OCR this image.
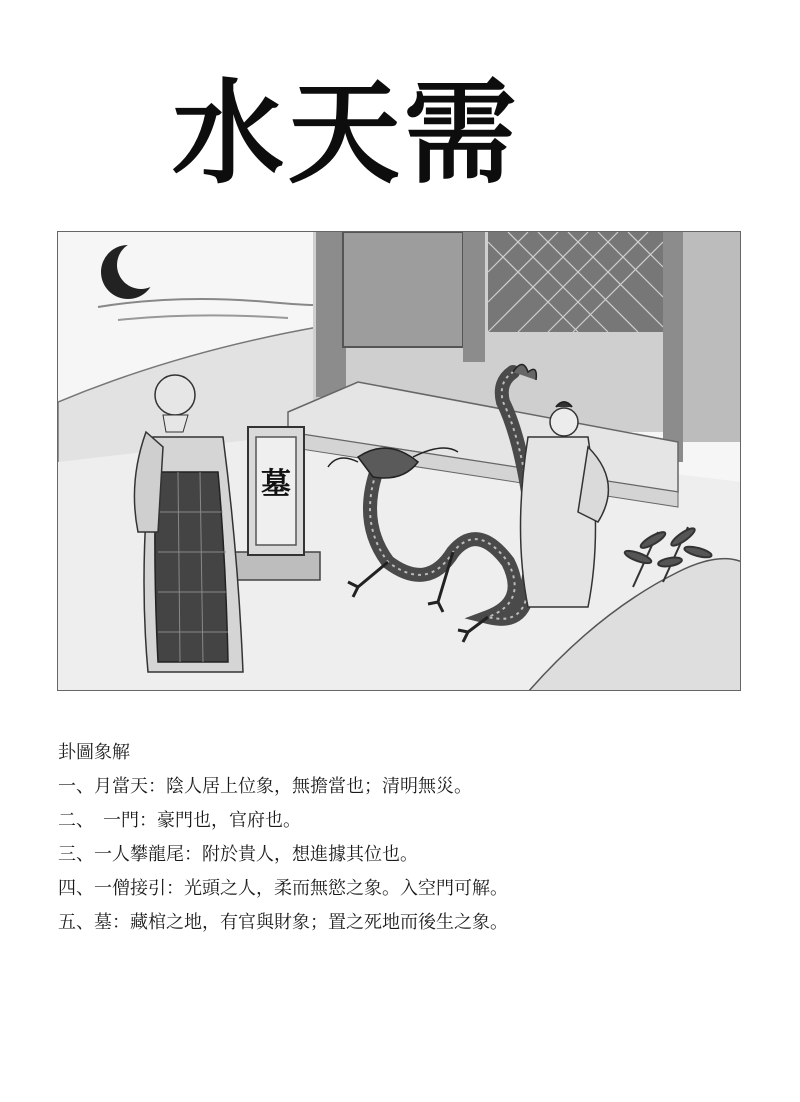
水天需
墓

卦圖象解

一、月當天：陰人居上位象，無擔當也；清明無災。

二、　一門：豪門也，官府也。

三、一人攀龍尾：附於貴人，想進據其位也。

四、一僧接引：光頭之人，柔而無慾之象。入空門可解。

五、墓：藏棺之地，有官與財象；置之死地而後生之象。
